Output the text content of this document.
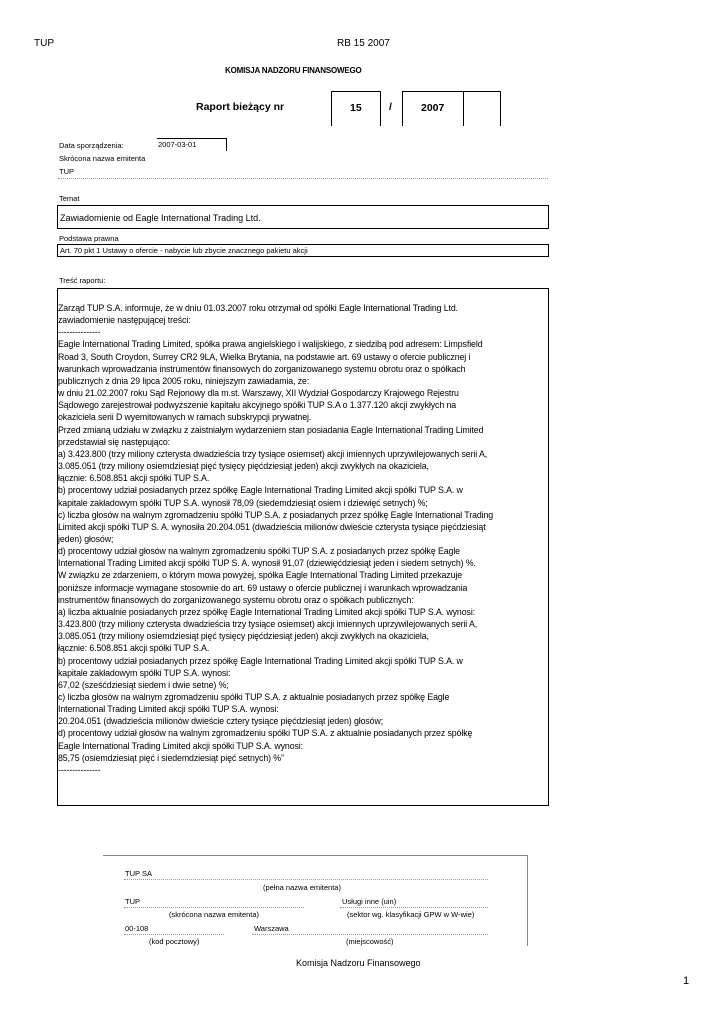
TUP	RB 15 2007
KOMISJA NADZORU FINANSOWEGO
Raport bieżący nr	15	/	2007
Data sporządzenia:	2007-03-01
Skrócona nazwa emitenta
TUP
Temat
Zawiadomienie od Eagle International Trading Ltd.
Podstawa prawna
Art. 70 pkt 1 Ustawy o ofercie - nabycie lub zbycie znacznego pakietu akcji
Treść raportu:
Zarząd TUP S.A. informuje, że w dniu 01.03.2007 roku otrzymał od spółki Eagle International Trading Ltd.
zawiadomienie następującej treści:
---------------
Eagle International Trading Limited, spółka prawa angielskiego i walijskiego, z siedzibą pod adresem: Limpsfield
Road 3, South Croydon, Surrey CR2 9LA, Wielka Brytania, na podstawie art. 69 ustawy o ofercie publicznej i
warunkach wprowadzania instrumentów finansowych do zorganizowanego systemu obrotu oraz o spółkach
publicznych z dnia 29 lipca 2005 roku, niniejszym zawiadamia, że:
w dniu 21.02.2007 roku Sąd Rejonowy dla m.st. Warszawy, XII Wydział Gospodarczy Krajowego Rejestru
Sądowego zarejestrował podwyższenie kapitału akcyjnego spółki TUP S.A o 1.377.120 akcji zwykłych na
okaziciela serii D wyemitowanych w ramach subskrypcji prywatnej.
Przed zmianą udziału w związku z zaistniałym wydarzeniem stan posiadania Eagle International Trading Limited
przedstawiał się następująco:
a) 3.423.800 (trzy miliony czterysta dwadzieścia trzy tysiące osiemset) akcji imiennych uprzywilejowanych serii A,
3.085.051 (trzy miliony osiemdziesiąt pięć tysięcy pięćdziesiąt jeden) akcji zwykłych na okaziciela,
łącznie: 6.508.851 akcji spółki TUP S.A.
b) procentowy udział posiadanych przez spółkę Eagle International Trading Limited akcji spółki TUP S.A. w
kapitale zakładowym spółki TUP S.A. wynosił 78,09 (siedemdziesiąt osiem i dziewięć setnych) %;
c) liczba głosów na walnym zgromadzeniu spółki TUP S.A. z posiadanych przez spółkę Eagle International Trading
Limited akcji spółki TUP S. A. wynosiła 20.204.051 (dwadzieścia milionów dwieście czterysta tysiące pięćdziesiąt
jeden) głosów;
d) procentowy udział głosów na walnym zgromadzeniu spółki TUP S.A. z posiadanych przez spółkę Eagle
International Trading Limited akcji spółki TUP S. A. wynosił 91,07 (dziewięćdziesiąt jeden i siedem setnych) %.
W związku ze zdarzeniem, o którym mowa powyżej, spółka Eagle International Trading Limited przekazuje
poniższe informacje wymagane stosownie do art. 69 ustawy o ofercie publicznej i warunkach wprowadzania
instrumentów finansowych do zorganizowanego systemu obrotu oraz o spółkach publicznych:
a) liczba aktualnie posiadanych przez spółkę Eagle International Trading Limited akcji spółki TUP S.A. wynosi:
3.423.800 (trzy miliony czterysta dwadzieścia trzy tysiące osiemset) akcji imiennych uprzywilejowanych serii A,
3.085.051 (trzy miliony osiemdziesiąt pięć tysięcy pięćdziesiąt jeden) akcji zwykłych na okaziciela,
łącznie: 6.508.851 akcji spółki TUP S.A.
b) procentowy udział posiadanych przez spółkę Eagle International Trading Limited akcji spółki TUP S.A. w
kapitale zakładowym spółki TUP S.A. wynosi:
67,02 (sześćdziesiąt siedem i dwie setne) %;
c) liczba głosów na walnym zgromadzeniu spółki TUP S.A. z aktualnie posiadanych przez spółkę Eagle
International Trading Limited akcji spółki TUP S.A. wynosi:
20.204.051 (dwadzieścia milionów dwieście cztery tysiące pięćdziesiąt jeden) głosów;
d) procentowy udział głosów na walnym zgromadzeniu spółki TUP S.A. z aktualnie posiadanych przez spółkę
Eagle International Trading Limited akcji spółki TUP S.A. wynosi:
85,75 (osiemdziesiąt pięć i siedemdziesiąt pięć setnych) %”
---------------
TUP SA
(pełna nazwa emitenta)
TUP
(skrócona nazwa emitenta)
Usługi inne (uin)
(sektor wg. klasyfikacji GPW w W-wie)
00-108
(kod pocztowy)
Warszawa
(miejscowość)
Komisja Nadzoru Finansowego
1
